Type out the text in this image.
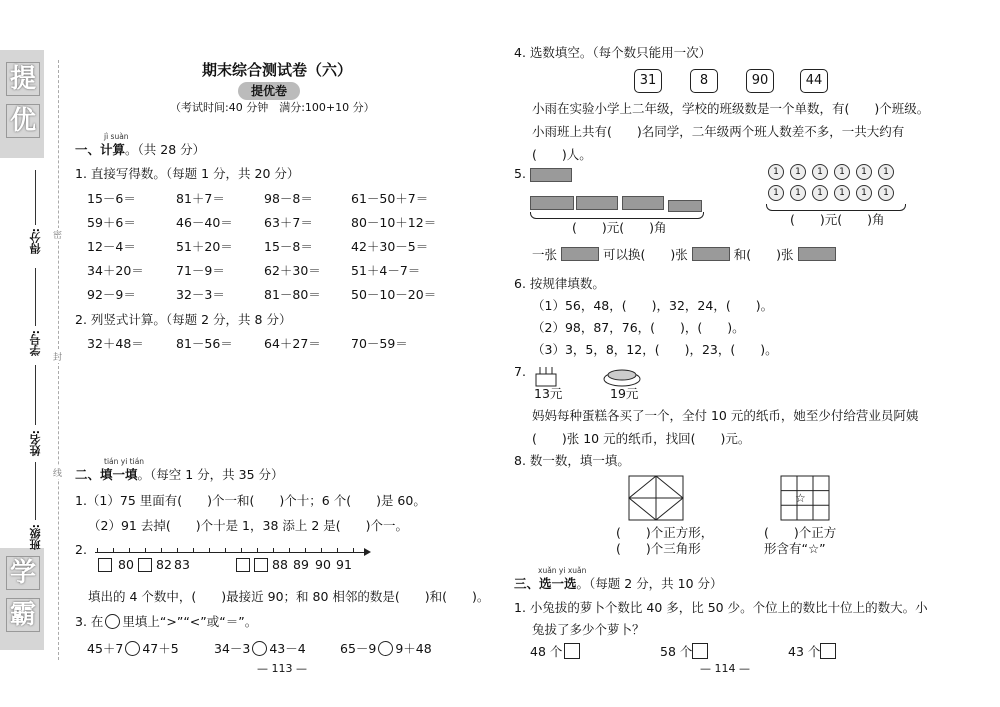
提
优
学
霸
得分:
学号:
姓名:
班级:
密
封
线
期末综合测试卷（六）
提优卷
（考试时间:40 分钟　满分:100+10 分）
jì suàn
一、计算。（共 28 分）
1. 直接写得数。（每题 1 分，共 20 分）
15－6＝	81＋7＝	98－8＝	61－50＋7＝
59＋6＝	46－40＝ 63＋7＝	80－10＋12＝
12－4＝	51＋20＝ 15－8＝	42＋30－5＝
34＋20＝	71－9＝	62＋30＝ 51＋4－7＝
92－9＝	32－3＝	81－80＝ 50－10－20＝
2. 列竖式计算。（每题 2 分，共 8 分）
32＋48＝	81－56＝ 64＋27＝ 70－59＝
tián yi tián
二、填一填。（每空 1 分，共 35 分）
1.（1）75 里面有(　　)个一和(　　)个十；6 个(　　)是 60。
（2）91 去掉(　　)个十是 1，38 添上 2 是(　　)个一。
2.
80 82 83	88 89 90 91
填出的 4 个数中，(　　)最接近 90；和 80 相邻的数是(　　)和(　　)。
3. 在 里填上“>”“<”或“＝”。
45＋7 47＋5	34－3 43－4	65－9 9＋48
— 113 —
4. 选数填空。（每个数只能用一次）
31	8	90	44
小雨在实验小学上二年级，学校的班级数是一个单数，有(　　)个班级。
小雨班上共有(　　)名同学，二年级两个班人数差不多，一共大约有
(　　)人。
5.
(　　)元(　　)角
1	1	1	1	1	1
1	1	1	1	1	1
(　　)元(　　)角
一张	可以换(　　)张	和(　　)张
6. 按规律填数。
（1）56，48，(　　)，32，24，(　　)。
（2）98，87，76，(　　)，(　　)。
（3）3，5，8，12，(　　)，23，(　　)。
7.
13元	19元
妈妈每种蛋糕各买了一个，全付 10 元的纸币，她至少付给营业员阿姨
(　　)张 10 元的纸币，找回(　　)元。
8. 数一数，填一填。
☆
(　　)个正方形，
(　　)个三角形
(　　)个正方
形含有“☆”
xuǎn yi xuǎn
三、选一选。（每题 2 分，共 10 分）
1. 小兔拔的萝卜个数比 40 多，比 50 少。个位上的数比十位上的数大。小
兔拔了多少个萝卜？
48 个	58 个	43 个
— 114 —
